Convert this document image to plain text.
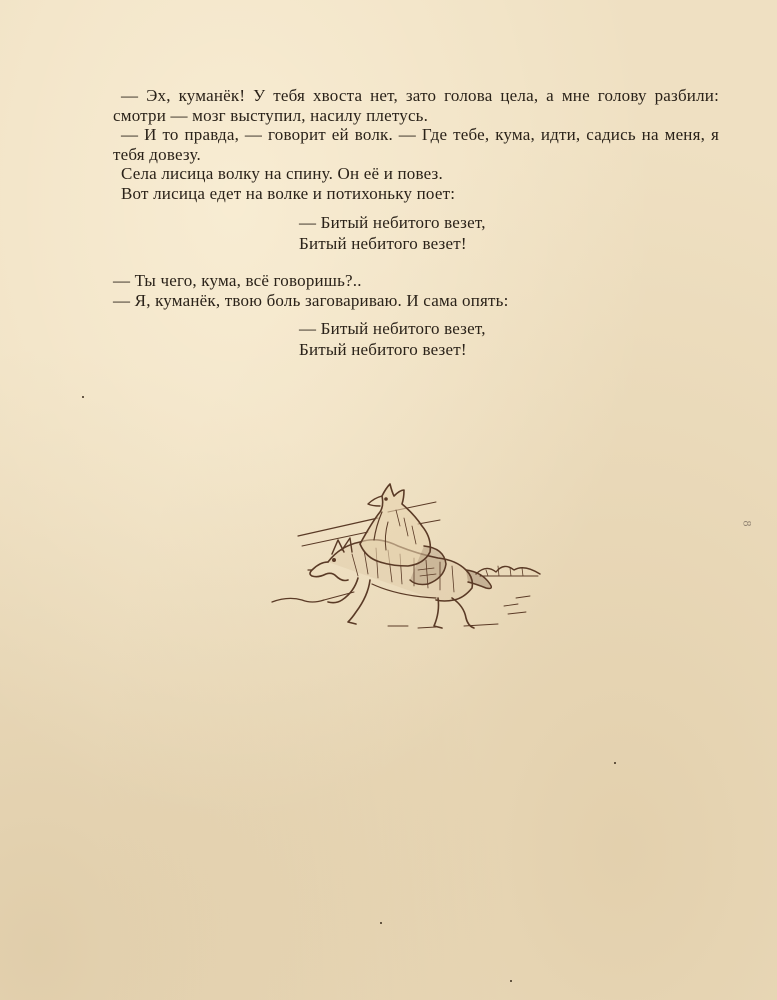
— Эх, куманёк! У тебя хвоста нет, зато голова цела, а мне голову разбили: смотри — мозг выступил, насилу плетусь.

— И то правда, — говорит ей волк. — Где тебе, кума, идти, садись на меня, я тебя довезу.

Села лисица волку на спину. Он её и повез.

Вот лисица едет на волке и потихоньку поет:

— Битый небитого везет,
Битый небитого везет!

— Ты чего, кума, всё говоришь?..

— Я, куманёк, твою боль заговариваю. И сама опять:

— Битый небитого везет,
Битый небитого везет!
8
